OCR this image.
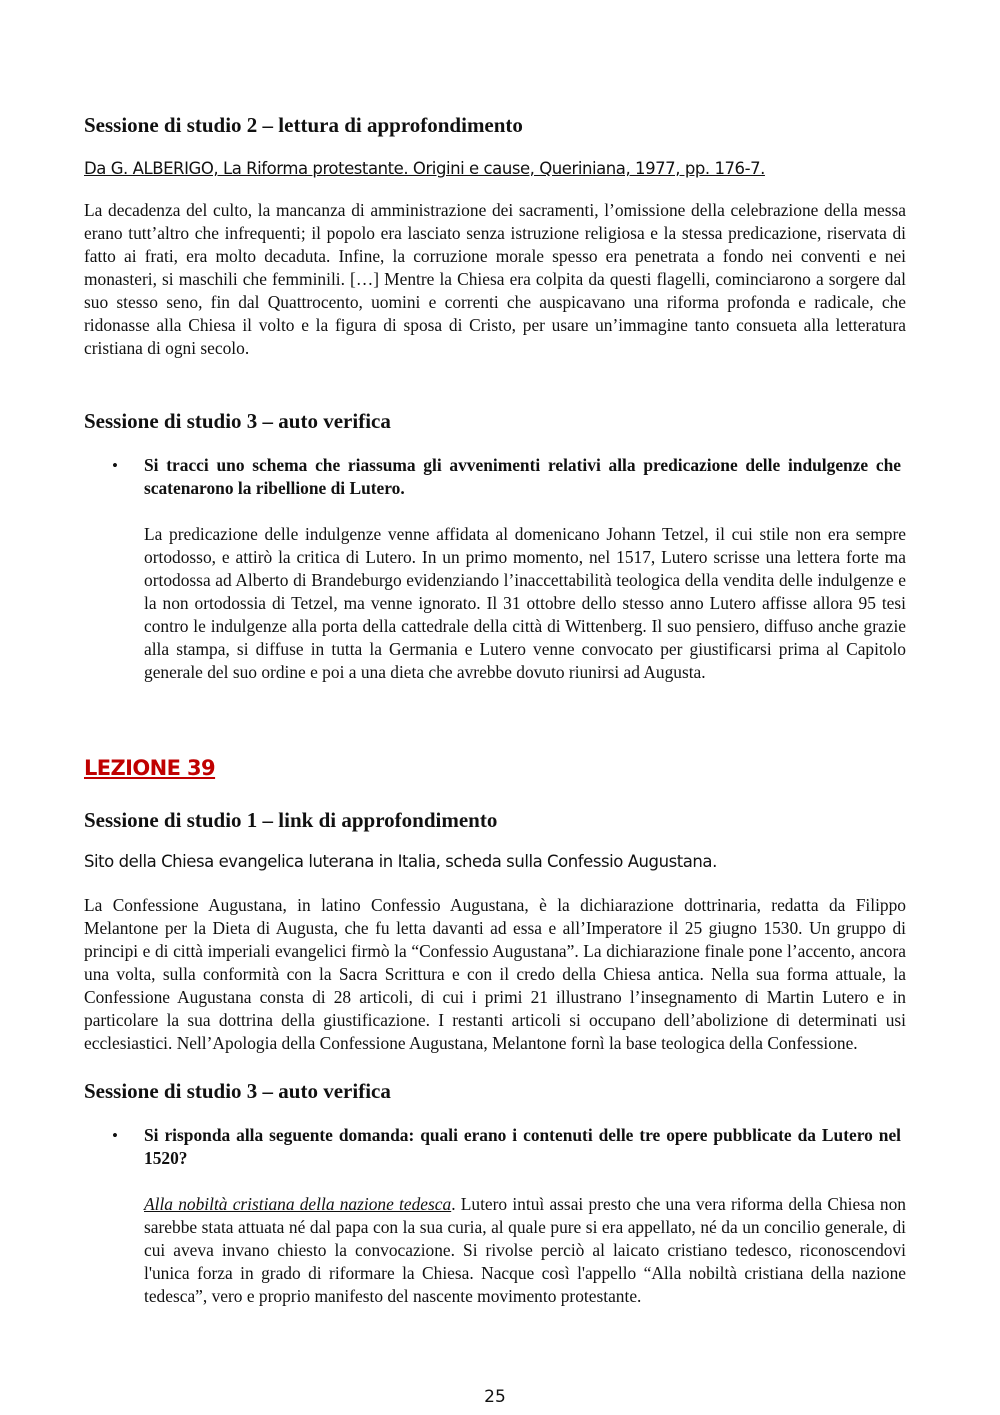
Sessione di studio 2 – lettura di approfondimento

Da G. ALBERIGO, La Riforma protestante. Origini e cause, Queriniana, 1977, pp. 176-7.

La decadenza del culto, la mancanza di amministrazione dei sacramenti, l’omissione della celebrazione della messa erano tutt’altro che infrequenti; il popolo era lasciato senza istruzione religiosa e la stessa predicazione, riservata di fatto ai frati, era molto decaduta. Infine, la corruzione morale spesso era penetrata a fondo nei conventi e nei monasteri, si maschili che femminili. […] Mentre la Chiesa era colpita da questi flagelli, cominciarono a sorgere dal suo stesso seno, fin dal Quattrocento, uomini e correnti che auspicavano una riforma profonda e radicale, che ridonasse alla Chiesa il volto e la figura di sposa di Cristo, per usare un’immagine tanto consueta alla letteratura cristiana di ogni secolo.

Sessione di studio 3 – auto verifica
• Si tracci uno schema che riassuma gli avvenimenti relativi alla predicazione delle indulgenze che scatenarono la ribellione di Lutero.

La predicazione delle indulgenze venne affidata al domenicano Johann Tetzel, il cui stile non era sempre ortodosso, e attirò la critica di Lutero. In un primo momento, nel 1517, Lutero scrisse una lettera forte ma ortodossa ad Alberto di Brandeburgo evidenziando l’inaccettabilità teologica della vendita delle indulgenze e la non ortodossia di Tetzel, ma venne ignorato. Il 31 ottobre dello stesso anno Lutero affisse allora 95 tesi contro le indulgenze alla porta della cattedrale della città di Wittenberg. Il suo pensiero, diffuso anche grazie alla stampa, si diffuse in tutta la Germania e Lutero venne convocato per giustificarsi prima al Capitolo generale del suo ordine e poi a una dieta che avrebbe dovuto riunirsi ad Augusta.

LEZIONE 39
Sessione di studio 1 – link di approfondimento

Sito della Chiesa evangelica luterana in Italia, scheda sulla Confessio Augustana.

La Confessione Augustana, in latino Confessio Augustana, è la dichiarazione dottrinaria, redatta da Filippo Melantone per la Dieta di Augusta, che fu letta davanti ad essa e all’Imperatore il 25 giugno 1530. Un gruppo di principi e di città imperiali evangelici firmò la “Confessio Augustana”. La dichiarazione finale pone l’accento, ancora una volta, sulla conformità con la Sacra Scrittura e con il credo della Chiesa antica. Nella sua forma attuale, la Confessione Augustana consta di 28 articoli, di cui i primi 21 illustrano l’insegnamento di Martin Lutero e in particolare la sua dottrina della giustificazione. I restanti articoli si occupano dell’abolizione di determinati usi ecclesiastici. Nell’Apologia della Confessione Augustana, Melantone fornì la base teologica della Confessione.

Sessione di studio 3 – auto verifica
• Si risponda alla seguente domanda: quali erano i contenuti delle tre opere pubblicate da Lutero nel 1520?

Alla nobiltà cristiana della nazione tedesca. Lutero intuì assai presto che una vera riforma della Chiesa non sarebbe stata attuata né dal papa con la sua curia, al quale pure si era appellato, né da un concilio generale, di cui aveva invano chiesto la convocazione. Si rivolse perciò al laicato cristiano tedesco, riconoscendovi l'unica forza in grado di riformare la Chiesa. Nacque così l'appello “Alla nobiltà cristiana della nazione tedesca”, vero e proprio manifesto del nascente movimento protestante.

25
